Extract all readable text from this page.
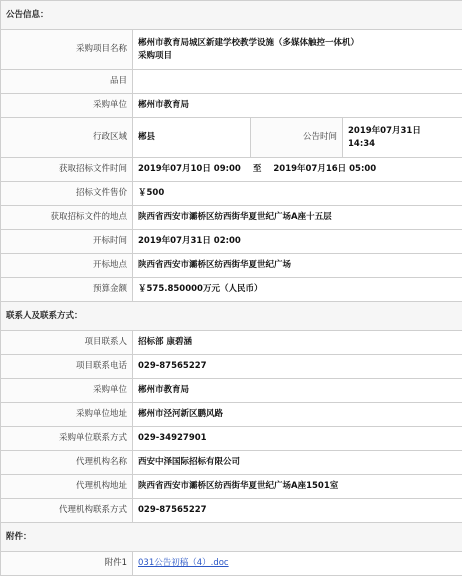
公告信息：			
采购项目名称	郴州市教育局城区新建学校教学设施（多媒体触控一体机）
采购项目		

品目			
采购单位	郴州市教育局		
行政区域	郴县	公告时间	2019年07月31日
14:34

获取招标文件时间	2019年07月10日 09:00 至 2019年07月16日 05:00		
招标文件售价	￥500		
获取招标文件的地点	陕西省西安市灞桥区纺西街华夏世纪广场A座十五层		
开标时间	2019年07月31日 02:00		
开标地点	陕西省西安市灞桥区纺西街华夏世纪广场		
预算金额	￥575.850000万元（人民币）		
联系人及联系方式：			
项目联系人	招标部 康碧涵		
项目联系电话	029-87565227		
采购单位	郴州市教育局		
采购单位地址	郴州市泾河新区鹏风路		
采购单位联系方式	029-34927901		
代理机构名称	西安中泽国际招标有限公司		
代理机构地址	陕西省西安市灞桥区纺西街华夏世纪广场A座1501室		
代理机构联系方式	029-87565227		
附件：			
附件1	031公告初稿（4）.doc		
